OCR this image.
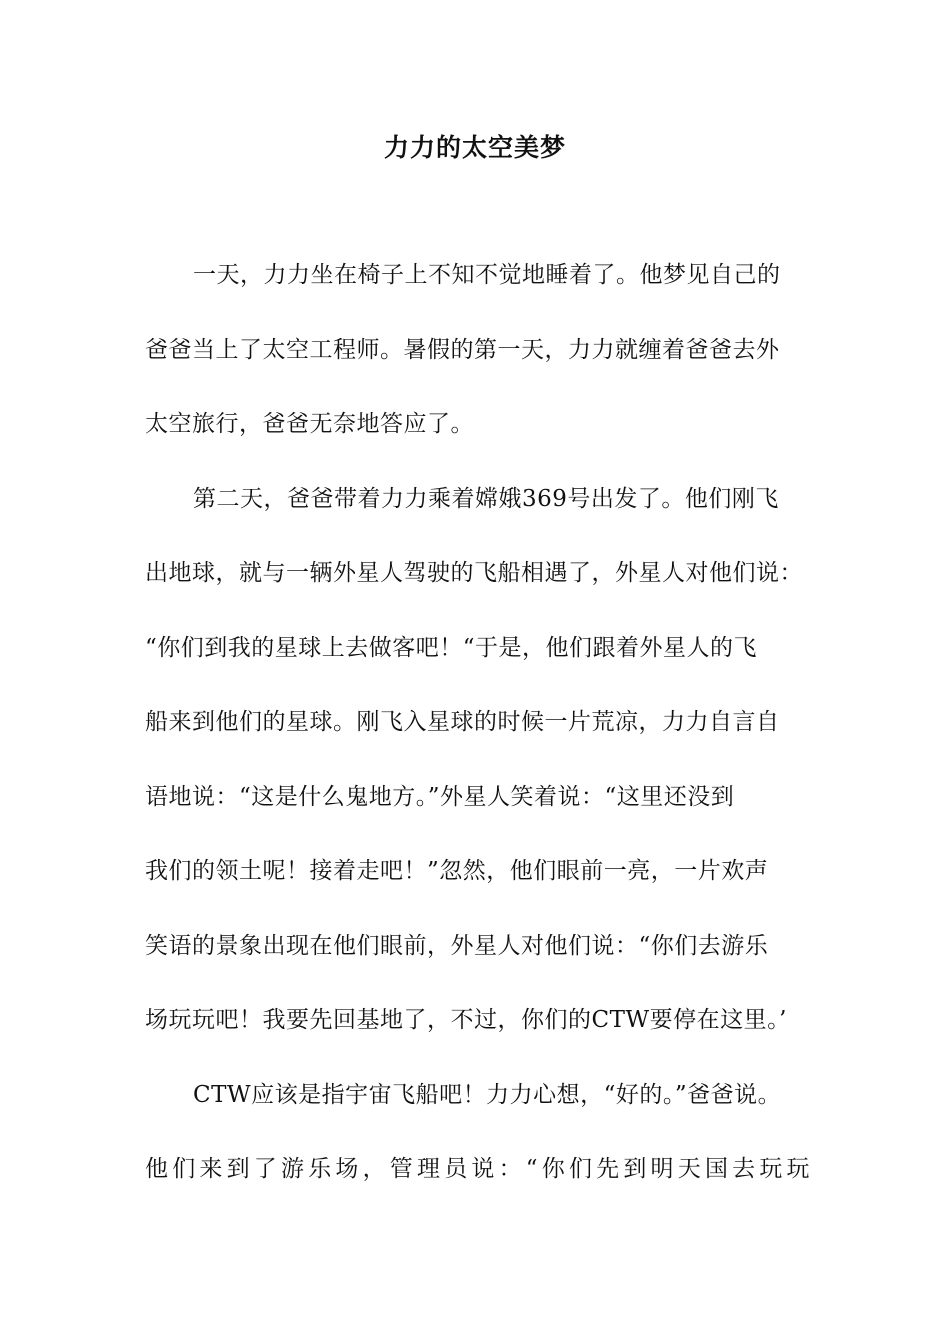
力力的太空美梦
一天，力力坐在椅子上不知不觉地睡着了。他梦见自己的
爸爸当上了太空工程师。暑假的第一天，力力就缠着爸爸去外
太空旅行，爸爸无奈地答应了。
第二天，爸爸带着力力乘着嫦娥369号出发了。他们刚飞
出地球，就与一辆外星人驾驶的飞船相遇了，外星人对他们说：
“你们到我的星球上去做客吧！“于是，他们跟着外星人的飞
船来到他们的星球。刚飞入星球的时候一片荒凉，力力自言自
语地说：“这是什么鬼地方。”外星人笑着说：“这里还没到
我们的领土呢！接着走吧！”忽然，他们眼前一亮，一片欢声
笑语的景象出现在他们眼前，外星人对他们说：“你们去游乐
场玩玩吧！我要先回基地了，不过，你们的CTW要停在这里。’
CTW应该是指宇宙飞船吧！力力心想，“好的。”爸爸说。
他们来到了游乐场，管理员说：“你们先到明天国去玩玩
